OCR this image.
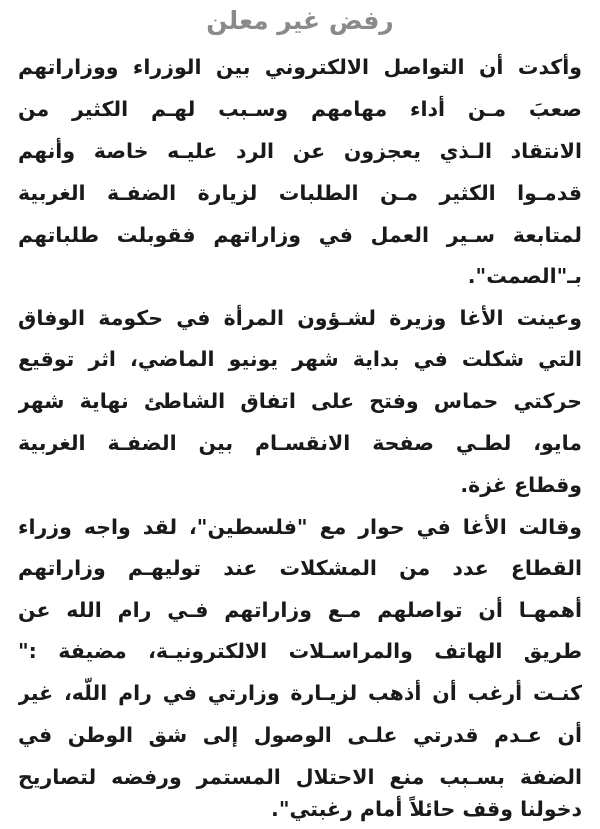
رفض غير معلن
وأكدت أن التواصل الالكتروني بين الوزراء ووزاراتهم
صعبَ مـن أداء مهامهم وسـبب لهـم الكثير من
الانتقاد الـذي يعجزون عن الرد عليـه خاصة وأنهم
قدمـوا الكثير مـن الطلبات لزيارة الضفـة الغربية
لمتابعة سـير العمل في وزاراتهم فقوبلت طلباتهم
بـ"الصمت".
وعينت الأغا وزيرة لشـؤون المرأة في حكومة الوفاق
التي شكلت في بداية شهر يونيو الماضي، اثر توقيع
حركتي حماس وفتح على اتفاق الشاطئ نهاية شهر
مايو، لطـي صفحة الانقسـام بين الضفـة الغربية
وقطاع غزة.
وقالت الأغا في حوار مع "فلسطين"، لقد واجه وزراء
القطاع عدد من المشكلات عند توليهـم وزاراتهم
أهمهـا أن تواصلهم مـع وزاراتهم فـي رام الله عن
طريق الهاتف والمراسـلات الالكترونيـة، مضيفة :"
كنـت أرغب أن أذهب لزيـارة وزارتي في رام اللّه، غير
أن عـدم قدرتي علـى الوصول إلى شق الوطن في
الضفة بسـبب منع الاحتلال المستمر ورفضه لتصاريح
دخولنا وقف حائلاً أمام رغبتي".
